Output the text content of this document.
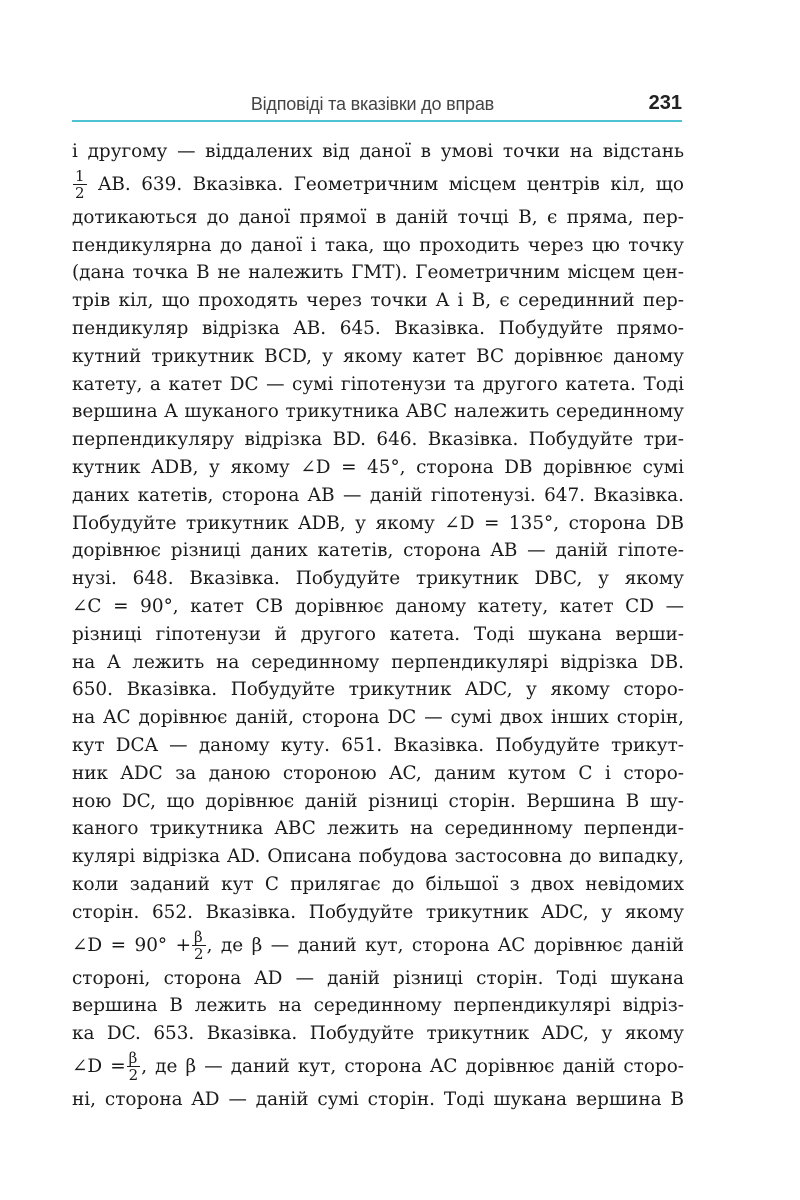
Відповіді та вказівки до вправ	231
і другому — віддалених від даної в умові точки на відстань
$\frac{1}{2}$ AB. 639. Вказівка. Геометричним місцем центрів кіл, що
дотикаються до даної прямої в даній точці B, є пряма, пер-
пендикулярна до даної і така, що проходить через цю точку
(дана точка B не належить ГМТ). Геометричним місцем цен-
трів кіл, що проходять через точки A і B, є серединний пер-
пендикуляр відрізка AB. 645. Вказівка. Побудуйте прямо-
кутний трикутник BCD, у якому катет BC дорівнює даному
катету, а катет DC — сумі гіпотенузи та другого катета. Тоді
вершина A шуканого трикутника ABC належить серединному
перпендикуляру відрізка BD. 646. Вказівка. Побудуйте три-
кутник ADB, у якому ∠D = 45°, сторона DB дорівнює сумі
даних катетів, сторона AB — даній гіпотенузі. 647. Вказівка.
Побудуйте трикутник ADB, у якому ∠D = 135°, сторона DB
дорівнює різниці даних катетів, сторона AB — даній гіпоте-
нузі. 648. Вказівка. Побудуйте трикутник DBC, у якому
∠C = 90°, катет CB дорівнює даному катету, катет CD —
різниці гіпотенузи й другого катета. Тоді шукана верши-
на A лежить на серединному перпендикулярі відрізка DB.
650. Вказівка. Побудуйте трикутник ADC, у якому сторо-
на AC дорівнює даній, сторона DC — сумі двох інших сторін,
кут DCA — даному куту. 651. Вказівка. Побудуйте трикут-
ник ADC за даною стороною AC, даним кутом C і сторо-
ною DC, що дорівнює даній різниці сторін. Вершина B шу-
каного трикутника ABC лежить на серединному перпенди-
кулярі відрізка AD. Описана побудова застосовна до випадку,
коли заданий кут C прилягає до більшої з двох невідомих
сторін. 652. Вказівка. Побудуйте трикутник ADC, у якому
∠D = $90^\circ + \frac{\beta}{2}$ , де β — даний кут, сторона AC дорівнює даній
стороні, сторона AD — даній різниці сторін. Тоді шукана
вершина B лежить на серединному перпендикулярі відріз-
ка DC. 653. Вказівка. Побудуйте трикутник ADC, у якому
∠D = $\frac{\beta}{2}$ , де β — даний кут, сторона AC дорівнює даній сторо-
ні, сторона AD — даній сумі сторін. Тоді шукана вершина B
